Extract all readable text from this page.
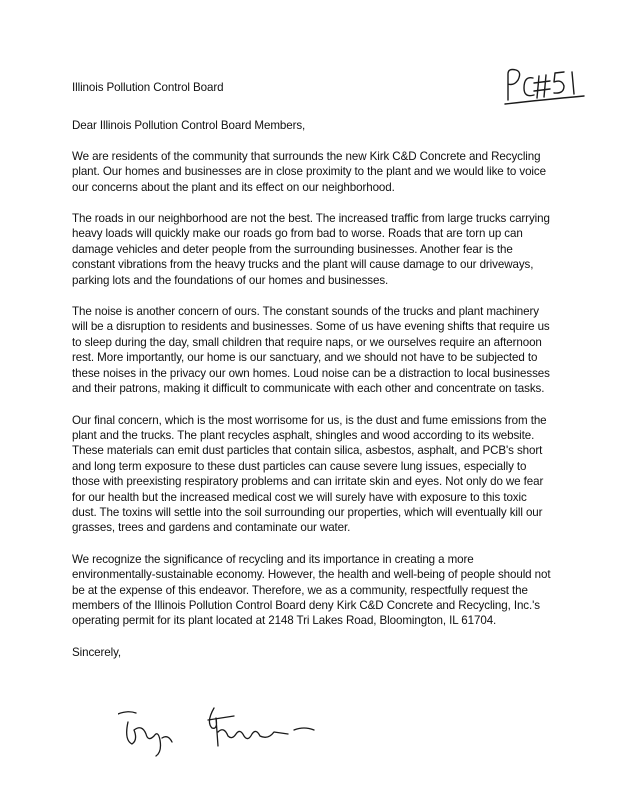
Illinois Pollution Control Board

Dear Illinois Pollution Control Board Members,

We are residents of the community that surrounds the new Kirk C&D Concrete and Recycling plant. Our homes and businesses are in close proximity to the plant and we would like to voice our concerns about the plant and its effect on our neighborhood.

The roads in our neighborhood are not the best. The increased traffic from large trucks carrying heavy loads will quickly make our roads go from bad to worse. Roads that are torn up can damage vehicles and deter people from the surrounding businesses. Another fear is the constant vibrations from the heavy trucks and the plant will cause damage to our driveways, parking lots and the foundations of our homes and businesses.

The noise is another concern of ours. The constant sounds of the trucks and plant machinery will be a disruption to residents and businesses. Some of us have evening shifts that require us to sleep during the day, small children that require naps, or we ourselves require an afternoon rest. More importantly, our home is our sanctuary, and we should not have to be subjected to these noises in the privacy our own homes. Loud noise can be a distraction to local businesses and their patrons, making it difficult to communicate with each other and concentrate on tasks.

Our final concern, which is the most worrisome for us, is the dust and fume emissions from the plant and the trucks. The plant recycles asphalt, shingles and wood according to its website. These materials can emit dust particles that contain silica, asbestos, asphalt, and PCB's short and long term exposure to these dust particles can cause severe lung issues, especially to those with preexisting respiratory problems and can irritate skin and eyes. Not only do we fear for our health but the increased medical cost we will surely have with exposure to this toxic dust. The toxins will settle into the soil surrounding our properties, which will eventually kill our grasses, trees and gardens and contaminate our water.

We recognize the significance of recycling and its importance in creating a more environmentally-sustainable economy. However, the health and well-being of people should not be at the expense of this endeavor. Therefore, we as a community, respectfully request the members of the Illinois Pollution Control Board deny Kirk C&D Concrete and Recycling, Inc.'s operating permit for its plant located at 2148 Tri Lakes Road, Bloomington, IL 61704.

Sincerely,
